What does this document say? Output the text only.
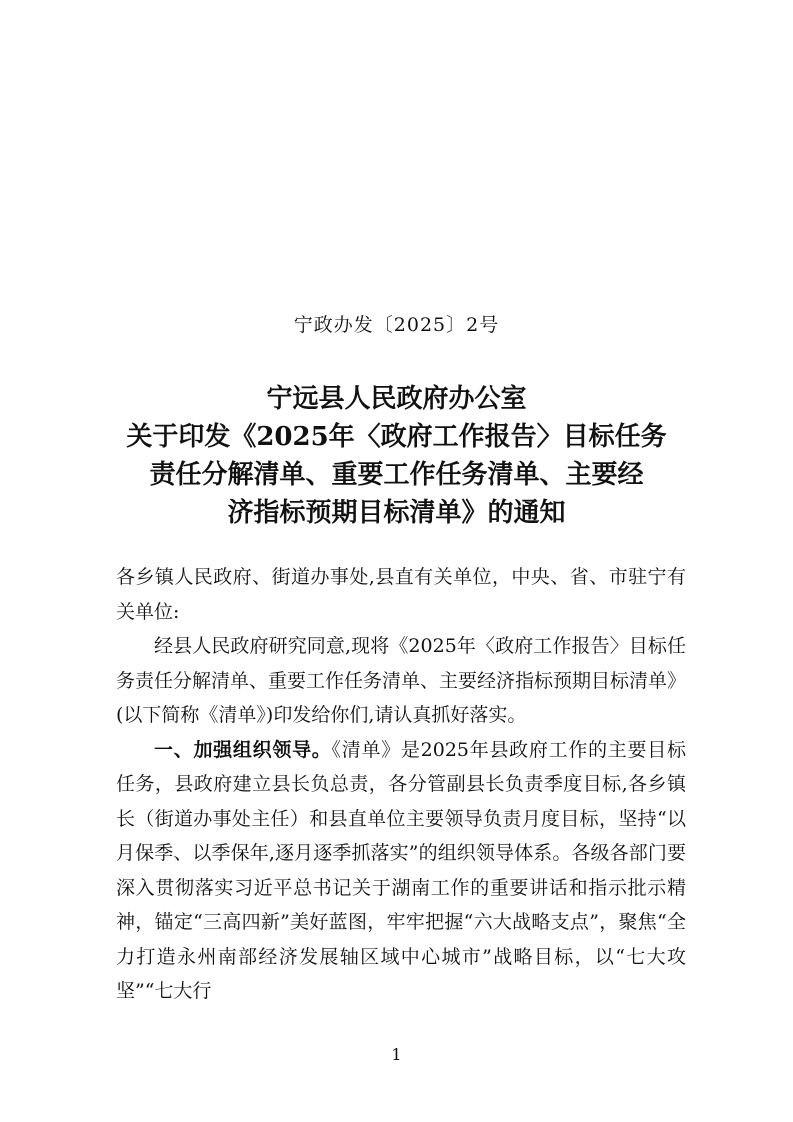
宁政办发〔2025〕2号
宁远县人民政府办公室
关于印发《2025年〈政府工作报告〉目标任务
责任分解清单、重要工作任务清单、主要经
济指标预期目标清单》的通知

各乡镇人民政府、街道办事处,县直有关单位，中央、省、市驻宁有关单位:

经县人民政府研究同意,现将《2025年〈政府工作报告〉目标任务责任分解清单、重要工作任务清单、主要经济指标预期目标清单》(以下简称《清单》)印发给你们,请认真抓好落实。

一、加强组织领导。《清单》是2025年县政府工作的主要目标任务，县政府建立县长负总责，各分管副县长负责季度目标,各乡镇长（街道办事处主任）和县直单位主要领导负责月度目标，坚持“以月保季、以季保年,逐月逐季抓落实”的组织领导体系。各级各部门要深入贯彻落实习近平总书记关于湖南工作的重要讲话和指示批示精神，锚定“三高四新”美好蓝图，牢牢把握“六大战略支点”，聚焦“全力打造永州南部经济发展轴区域中心城市”战略目标，以“七大攻坚”“七大行

1
